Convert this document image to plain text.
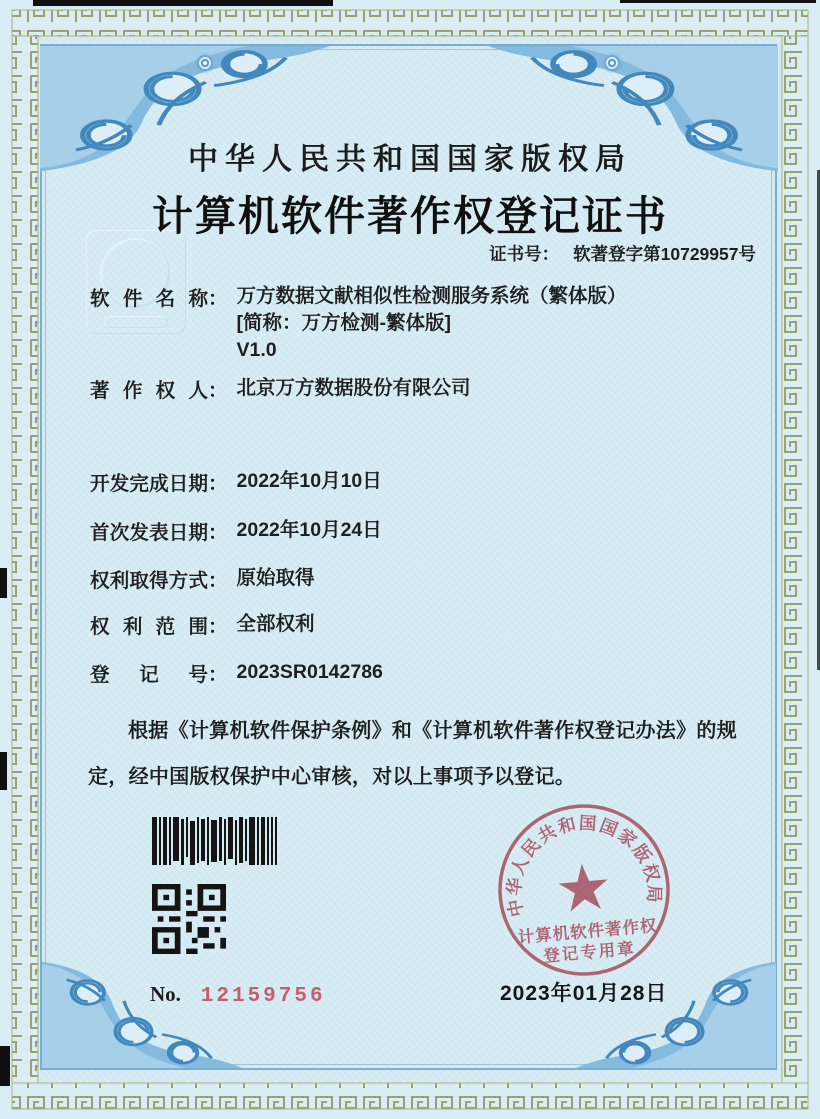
中华人民共和国国家版权局
计算机软件著作权登记证书
证书号： 软著登字第10729957号
软件名称 ： 万方数据文献相似性检测服务系统（繁体版）
[简称：万方检测-繁体版]
V1.0
著作权人 ： 北京万方数据股份有限公司
开发完成日期 ： 2022年10月10日
首次发表日期 ： 2022年10月24日
权利取得方式 ： 原始取得
权利范围 ： 全部权利
登记号 ： 2023SR0142786
根据《计算机软件保护条例》和《计算机软件著作权登记办法》的规定，经中国版权保护中心审核，对以上事项予以登记。
No. 12159756	2023年01月28日
中华人民共和国国家版权局
★
计算机软件著作权
登记专用章
